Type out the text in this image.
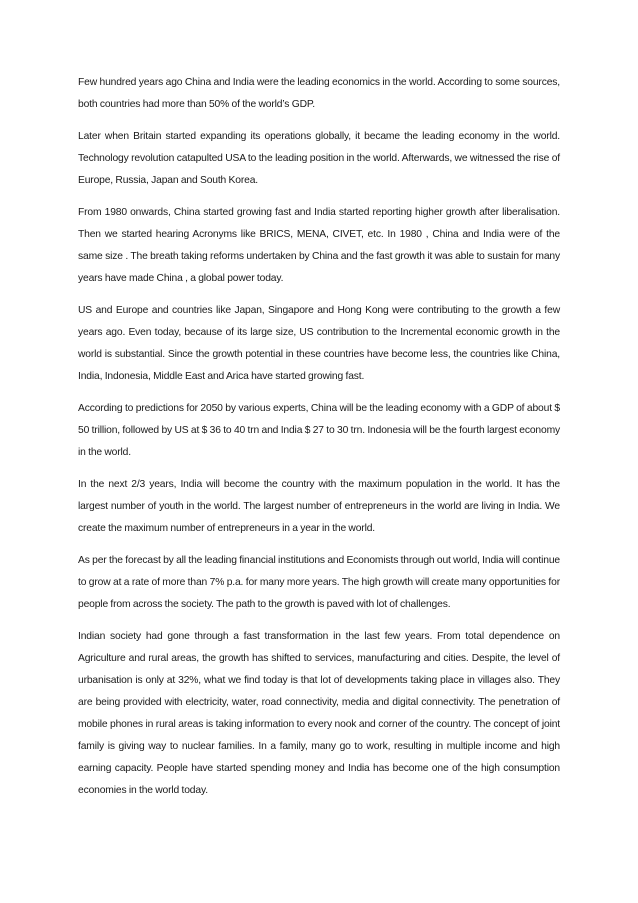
Few hundred years ago China and India were the leading economics in the world. According to some sources, both countries had more than 50% of the world’s GDP.

Later when Britain started expanding its operations globally, it became the leading economy in the world. Technology revolution catapulted USA to the leading position in the world. Afterwards, we witnessed the rise of Europe, Russia, Japan and South Korea.

From 1980 onwards, China started growing fast and India started reporting higher growth after liberalisation. Then we started hearing Acronyms like BRICS, MENA, CIVET, etc. In 1980 , China and India were of the same size . The breath taking reforms undertaken by China and the fast growth it was able to sustain for many years have made China , a global power today.

US and Europe and countries like Japan, Singapore and Hong Kong were contributing to the growth a few years ago. Even today, because of its large size, US contribution to the Incremental economic growth in the world is substantial. Since the growth potential in these countries have become less, the countries like China, India, Indonesia, Middle East and Arica have started growing fast.

According to predictions for 2050 by various experts, China will be the leading economy with a GDP of about $ 50 trillion, followed by US at $ 36 to 40 trn and India $ 27 to 30 trn. Indonesia will be the fourth largest economy in the world.

In the next 2/3 years, India will become the country with the maximum population in the world. It has the largest number of youth in the world. The largest number of entrepreneurs in the world are living in India. We create the maximum number of entrepreneurs in a year in the world.

As per the forecast by all the leading financial institutions and Economists through out world, India will continue to grow at a rate of more than 7% p.a. for many more years. The high growth will create many opportunities for people from across the society. The path to the growth is paved with lot of challenges.

Indian society had gone through a fast transformation in the last few years. From total dependence on Agriculture and rural areas, the growth has shifted to services, manufacturing and cities. Despite, the level of urbanisation is only at 32%, what we find today is that lot of developments taking place in villages also. They are being provided with electricity, water, road connectivity, media and digital connectivity. The penetration of mobile phones in rural areas is taking information to every nook and corner of the country. The concept of joint family is giving way to nuclear families. In a family, many go to work, resulting in multiple income and high earning capacity. People have started spending money and India has become one of the high consumption economies in the world today.
